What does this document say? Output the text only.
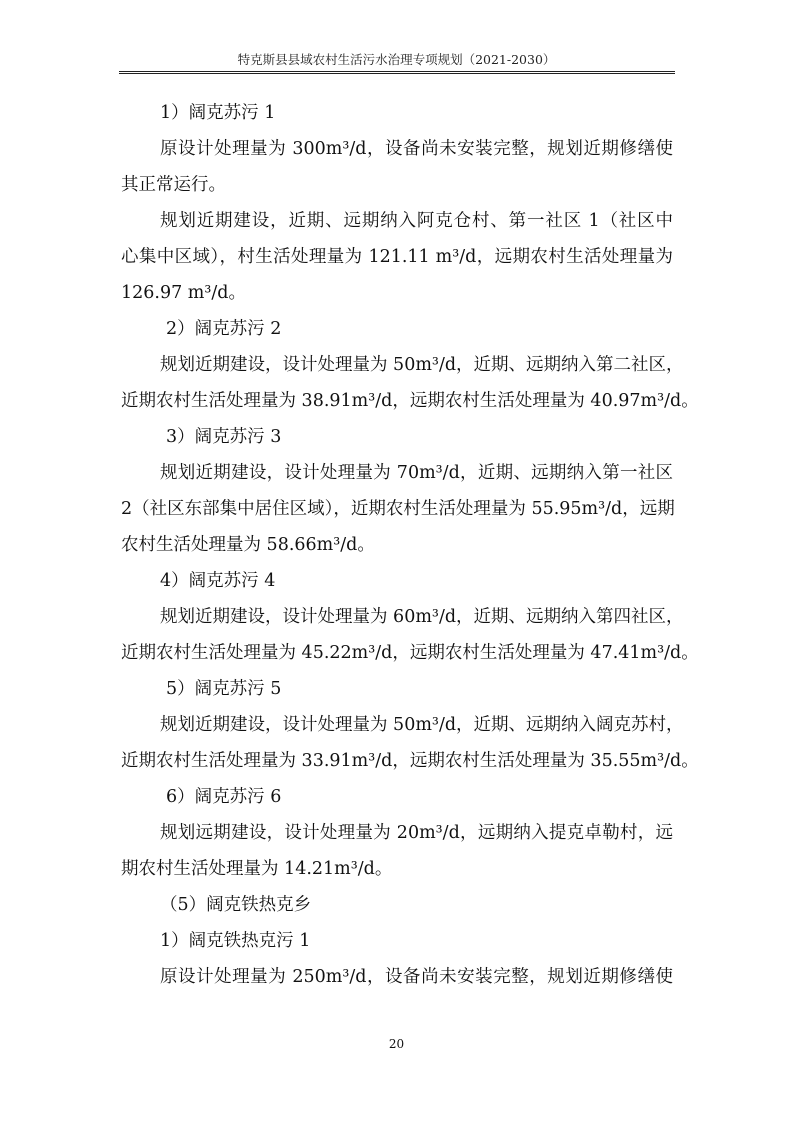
特克斯县县域农村生活污水治理专项规划（2021-2030）
1）阔克苏污 1
原设计处理量为 300m³/d，设备尚未安装完整，规划近期修缮使
其正常运行。
规划近期建设，近期、远期纳入阿克仓村、第一社区 1（社区中
心集中区域），村生活处理量为 121.11 m³/d，远期农村生活处理量为
126.97 m³/d。
2）阔克苏污 2
规划近期建设，设计处理量为 50m³/d，近期、远期纳入第二社区，
近期农村生活处理量为 38.91m³/d，远期农村生活处理量为 40.97m³/d。
3）阔克苏污 3
规划近期建设，设计处理量为 70m³/d，近期、远期纳入第一社区
2（社区东部集中居住区域），近期农村生活处理量为 55.95m³/d，远期
农村生活处理量为 58.66m³/d。
4）阔克苏污 4
规划近期建设，设计处理量为 60m³/d，近期、远期纳入第四社区，
近期农村生活处理量为 45.22m³/d，远期农村生活处理量为 47.41m³/d。
5）阔克苏污 5
规划近期建设，设计处理量为 50m³/d，近期、远期纳入阔克苏村，
近期农村生活处理量为 33.91m³/d，远期农村生活处理量为 35.55m³/d。
6）阔克苏污 6
规划远期建设，设计处理量为 20m³/d，远期纳入提克卓勒村，远
期农村生活处理量为 14.21m³/d。
（5）阔克铁热克乡
1）阔克铁热克污 1
原设计处理量为 250m³/d，设备尚未安装完整，规划近期修缮使
20
